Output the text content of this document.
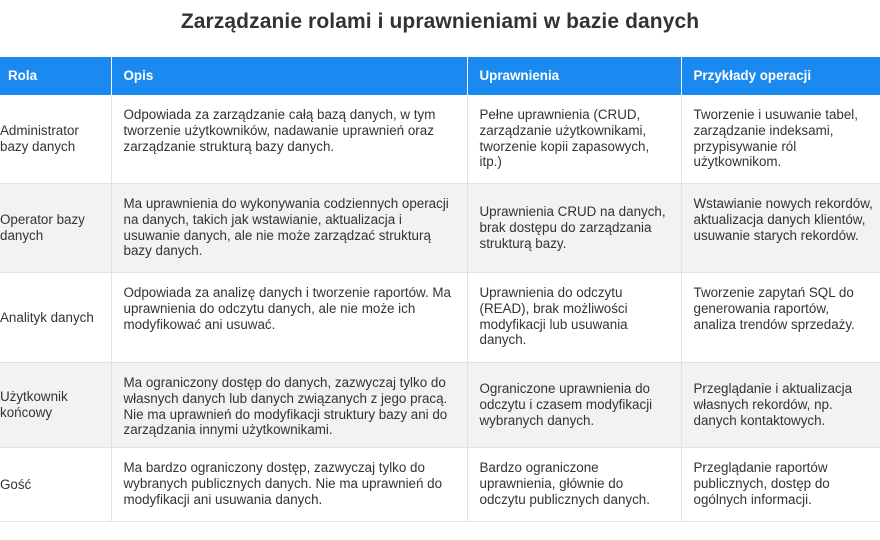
Zarządzanie rolami i uprawnieniami w bazie danych
Rola	Opis	Uprawnienia	Przykłady operacji
Administrator bazy danych	Odpowiada za zarządzanie całą bazą danych, w tym tworzenie użytkowników, nadawanie uprawnień oraz zarządzanie strukturą bazy danych.	Pełne uprawnienia (CRUD, zarządzanie użytkownikami, tworzenie kopii zapasowych, itp.)	Tworzenie i usuwanie tabel, zarządzanie indeksami, przypisywanie ról użytkownikom.
Operator bazy danych	Ma uprawnienia do wykonywania codziennych operacji na danych, takich jak wstawianie, aktualizacja i usuwanie danych, ale nie może zarządzać strukturą bazy danych.	Uprawnienia CRUD na danych, brak dostępu do zarządzania strukturą bazy.	Wstawianie nowych rekordów, aktualizacja danych klientów, usuwanie starych rekordów.
Analityk danych	Odpowiada za analizę danych i tworzenie raportów. Ma uprawnienia do odczytu danych, ale nie może ich modyfikować ani usuwać.	Uprawnienia do odczytu (READ), brak możliwości modyfikacji lub usuwania danych.	Tworzenie zapytań SQL do generowania raportów, analiza trendów sprzedaży.
Użytkownik końcowy	Ma ograniczony dostęp do danych, zazwyczaj tylko do własnych danych lub danych związanych z jego pracą. Nie ma uprawnień do modyfikacji struktury bazy ani do zarządzania innymi użytkownikami.	Ograniczone uprawnienia do odczytu i czasem modyfikacji wybranych danych.	Przeglądanie i aktualizacja własnych rekordów, np. danych kontaktowych.
Gość	Ma bardzo ograniczony dostęp, zazwyczaj tylko do wybranych publicznych danych. Nie ma uprawnień do modyfikacji ani usuwania danych.	Bardzo ograniczone uprawnienia, głównie do odczytu publicznych danych.	Przeglądanie raportów publicznych, dostęp do ogólnych informacji.
